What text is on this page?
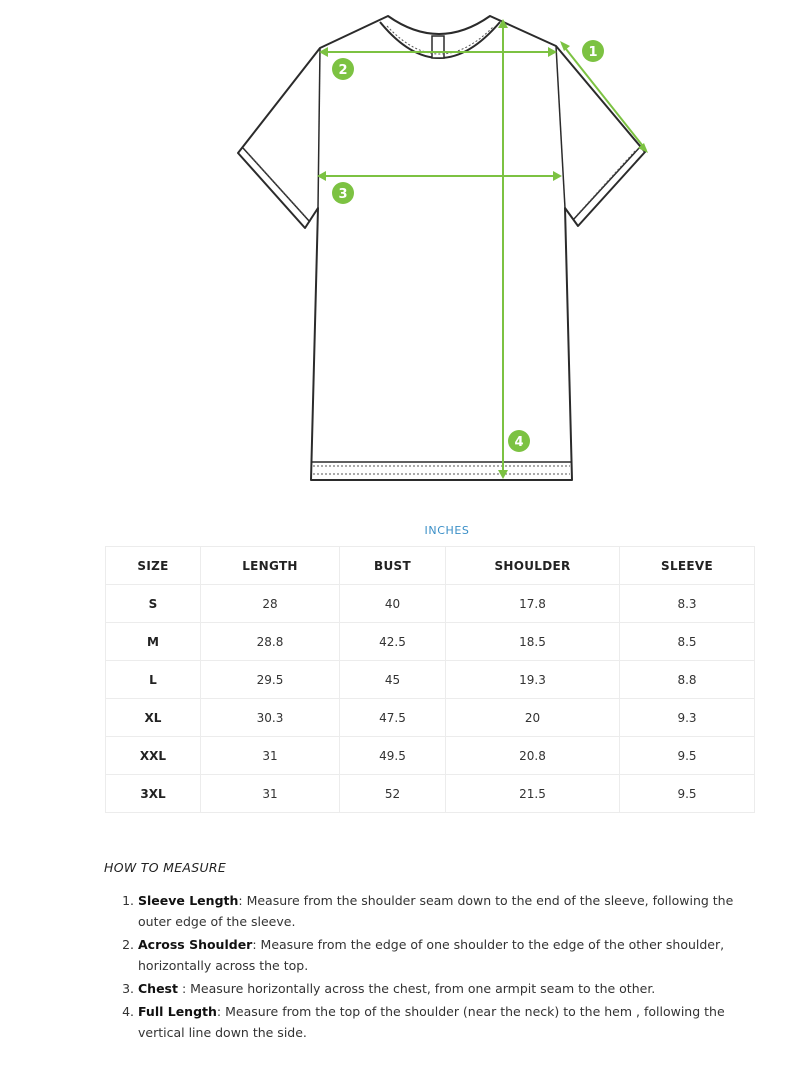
1
2
3
4
INCHES
SIZE	LENGTH	BUST	SHOULDER	SLEEVE
S	28	40	17.8	8.3
M	28.8	42.5	18.5	8.5
L	29.5	45	19.3	8.8
XL	30.3	47.5	20	9.3
XXL	31	49.5	20.8	9.5
3XL	31	52	21.5	9.5
HOW TO MEASURE
1. Sleeve Length: Measure from the shoulder seam down to the end of the sleeve, following the outer edge of the sleeve.
2. Across Shoulder: Measure from the edge of one shoulder to the edge of the other shoulder, horizontally across the top.
3. Chest : Measure horizontally across the chest, from one armpit seam to the other.
4. Full Length: Measure from the top of the shoulder (near the neck) to the hem , following the vertical line down the side.
